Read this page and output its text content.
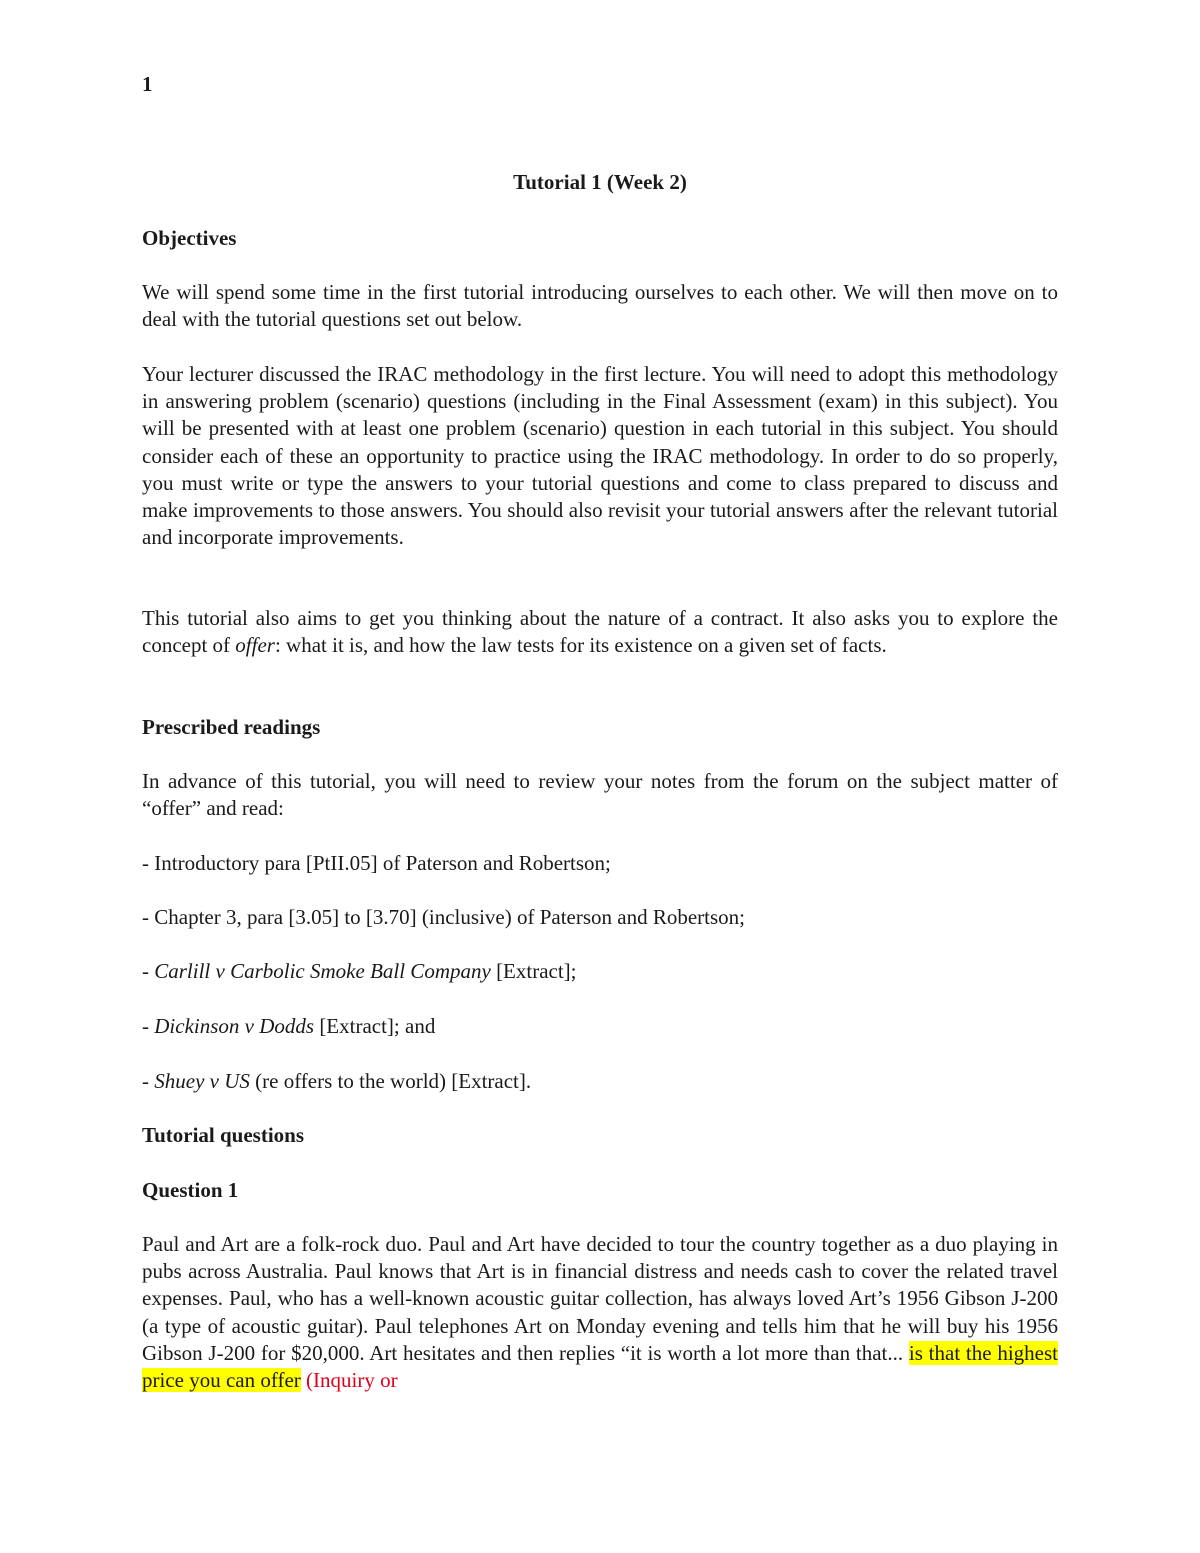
1
Tutorial 1 (Week 2)
Objectives
We will spend some time in the first tutorial introducing ourselves to each other. We will then move on to deal with the tutorial questions set out below.
Your lecturer discussed the IRAC methodology in the first lecture. You will need to adopt this methodology in answering problem (scenario) questions (including in the Final Assessment (exam) in this subject). You will be presented with at least one problem (scenario) question in each tutorial in this subject. You should consider each of these an opportunity to practice using the IRAC methodology. In order to do so properly, you must write or type the answers to your tutorial questions and come to class prepared to discuss and make improvements to those answers. You should also revisit your tutorial answers after the relevant tutorial and incorporate improvements.
This tutorial also aims to get you thinking about the nature of a contract. It also asks you to explore the concept of offer: what it is, and how the law tests for its existence on a given set of facts.
Prescribed readings
In advance of this tutorial, you will need to review your notes from the forum on the subject matter of “offer” and read:
- Introductory para [PtII.05] of Paterson and Robertson;
- Chapter 3, para [3.05] to [3.70] (inclusive) of Paterson and Robertson;
- Carlill v Carbolic Smoke Ball Company [Extract];
- Dickinson v Dodds [Extract]; and
- Shuey v US (re offers to the world) [Extract].
Tutorial questions
Question 1
Paul and Art are a folk-rock duo. Paul and Art have decided to tour the country together as a duo playing in pubs across Australia. Paul knows that Art is in financial distress and needs cash to cover the related travel expenses. Paul, who has a well-known acoustic guitar collection, has always loved Art’s 1956 Gibson J-200 (a type of acoustic guitar). Paul telephones Art on Monday evening and tells him that he will buy his 1956 Gibson J-200 for $20,000. Art hesitates and then replies “it is worth a lot more than that... is that the highest price you can offer (Inquiry or
